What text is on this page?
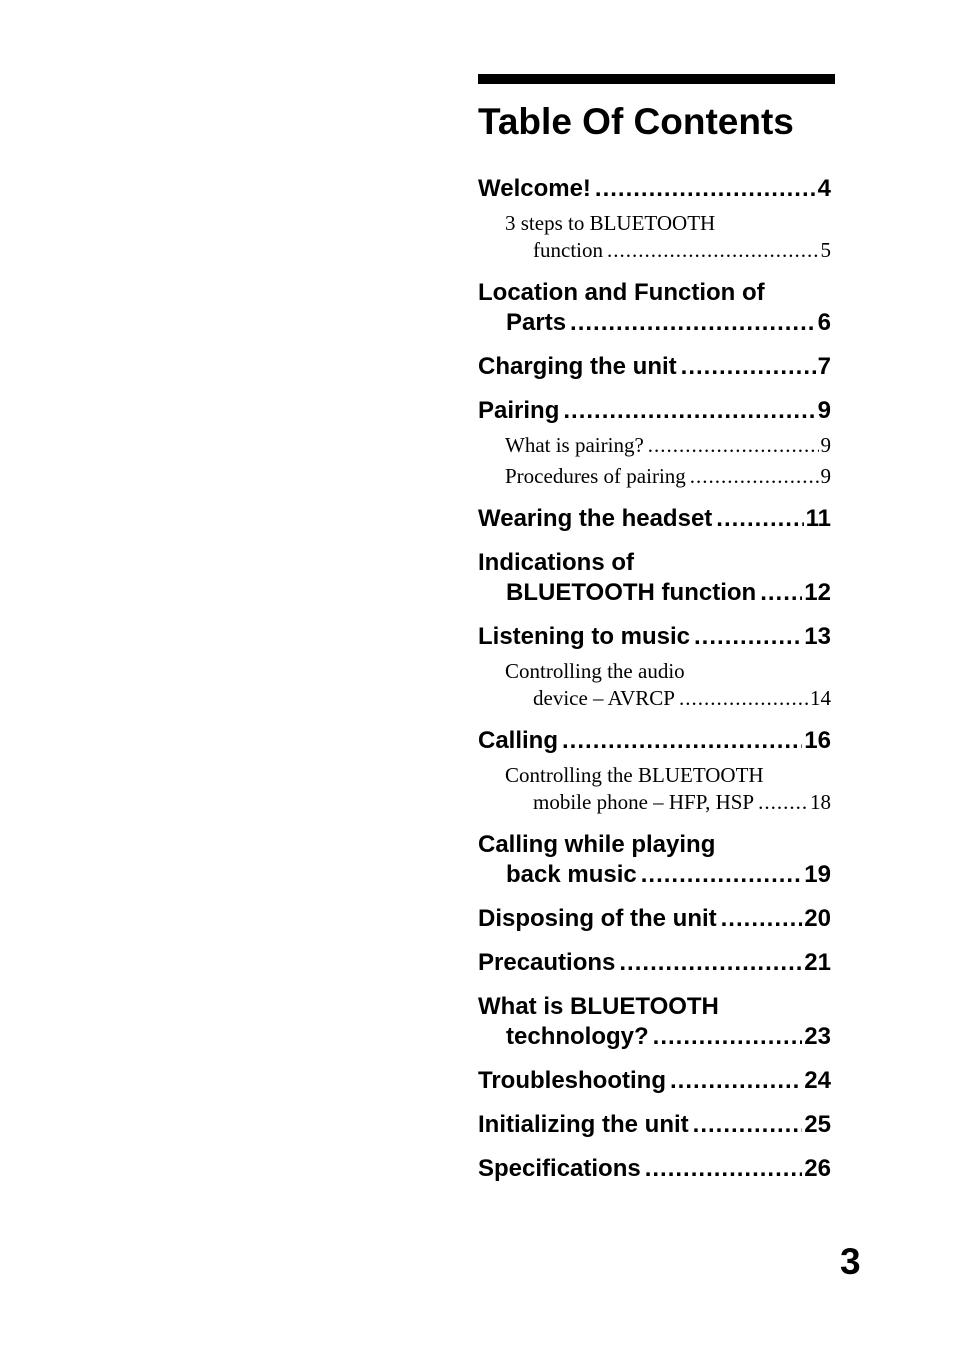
Table Of Contents
Welcome! .....	4
3 steps to BLUETOOTH
function .....	5
Location and Function of
Parts .....	6
Charging the unit .....	7
Pairing .....	9
What is pairing? .....	9
Procedures of pairing .....	9
Wearing the headset .....	11
Indications of
BLUETOOTH function ..... 12
Listening to music .....	13
Controlling the audio
device – AVRCP .....	14
Calling .....	16
Controlling the BLUETOOTH
mobile phone – HFP, HSP .....	18
Calling while playing
back music .....	19
Disposing of the unit .....	20
Precautions .....	21
What is BLUETOOTH
technology? .....	23
Troubleshooting .....	24
Initializing the unit .....	25
Specifications .....	26
3
